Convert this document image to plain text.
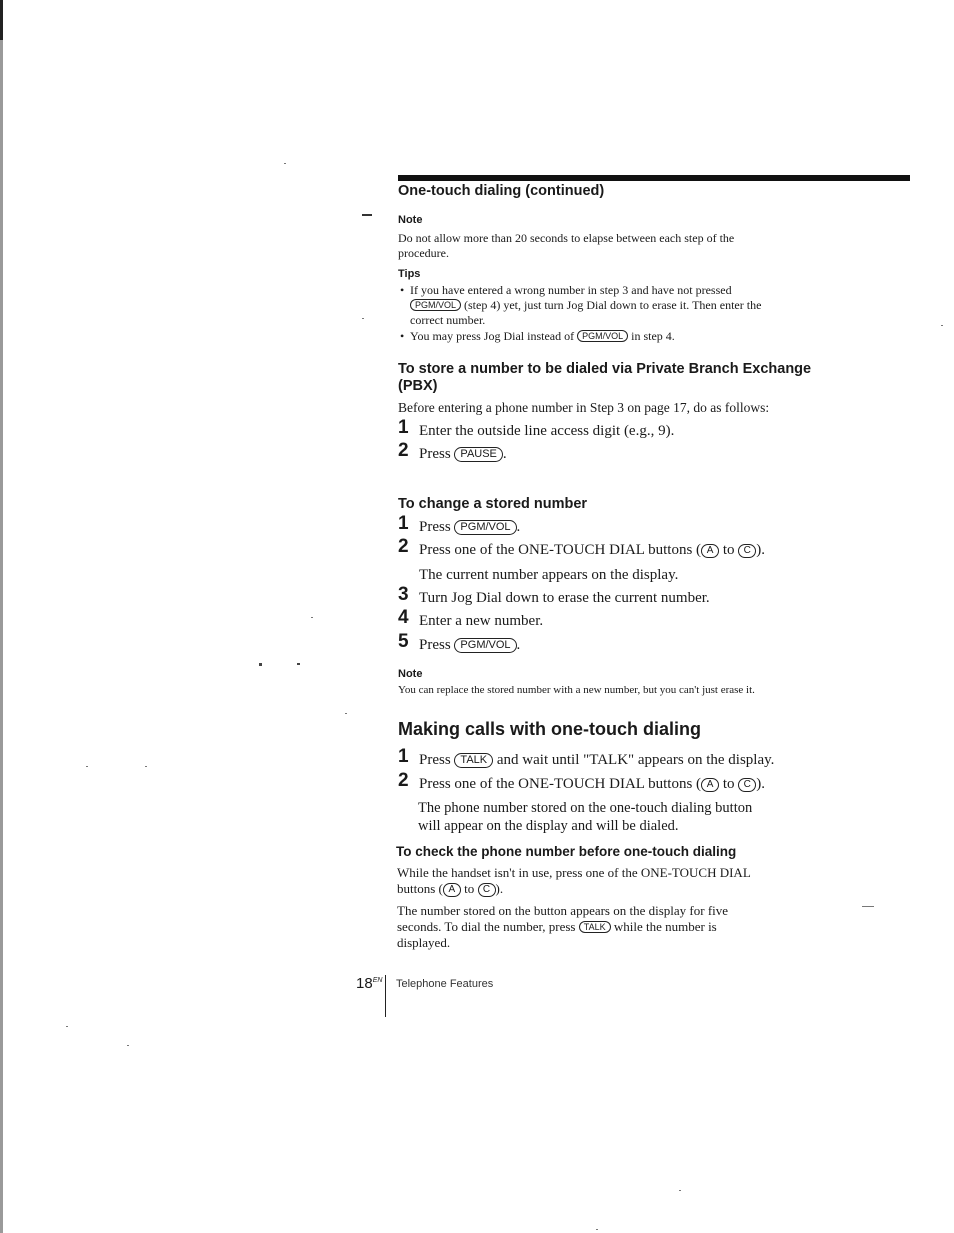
One-touch dialing (continued)
Note
Do not allow more than 20 seconds to elapse between each step of the procedure.
Tips
• If you have entered a wrong number in step 3 and have not pressed
PGM/VOL (step 4) yet, just turn Jog Dial down to erase it. Then enter the
correct number.
• You may press Jog Dial instead of PGM/VOL in step 4.
To store a number to be dialed via Private Branch Exchange
(PBX)
Before entering a phone number in Step 3 on page 17, do as follows:
1 Enter the outside line access digit (e.g., 9).
2 Press PAUSE .
To change a stored number
1 Press PGM/VOL .
2 Press one of the ONE-TOUCH DIAL buttons ( A to C ).
The current number appears on the display.
3 Turn Jog Dial down to erase the current number.
4 Enter a new number.
5 Press PGM/VOL .
Note
You can replace the stored number with a new number, but you can't just erase it.
Making calls with one-touch dialing
1 Press TALK and wait until "TALK" appears on the display.
2 Press one of the ONE-TOUCH DIAL buttons ( A to C ).
The phone number stored on the one-touch dialing button
will appear on the display and will be dialed.
To check the phone number before one-touch dialing
While the handset isn't in use, press one of the ONE-TOUCH DIAL
buttons ( A to C ).
The number stored on the button appears on the display for five
seconds. To dial the number, press TALK while the number is
displayed.
$18^{EN}$ Telephone Features
